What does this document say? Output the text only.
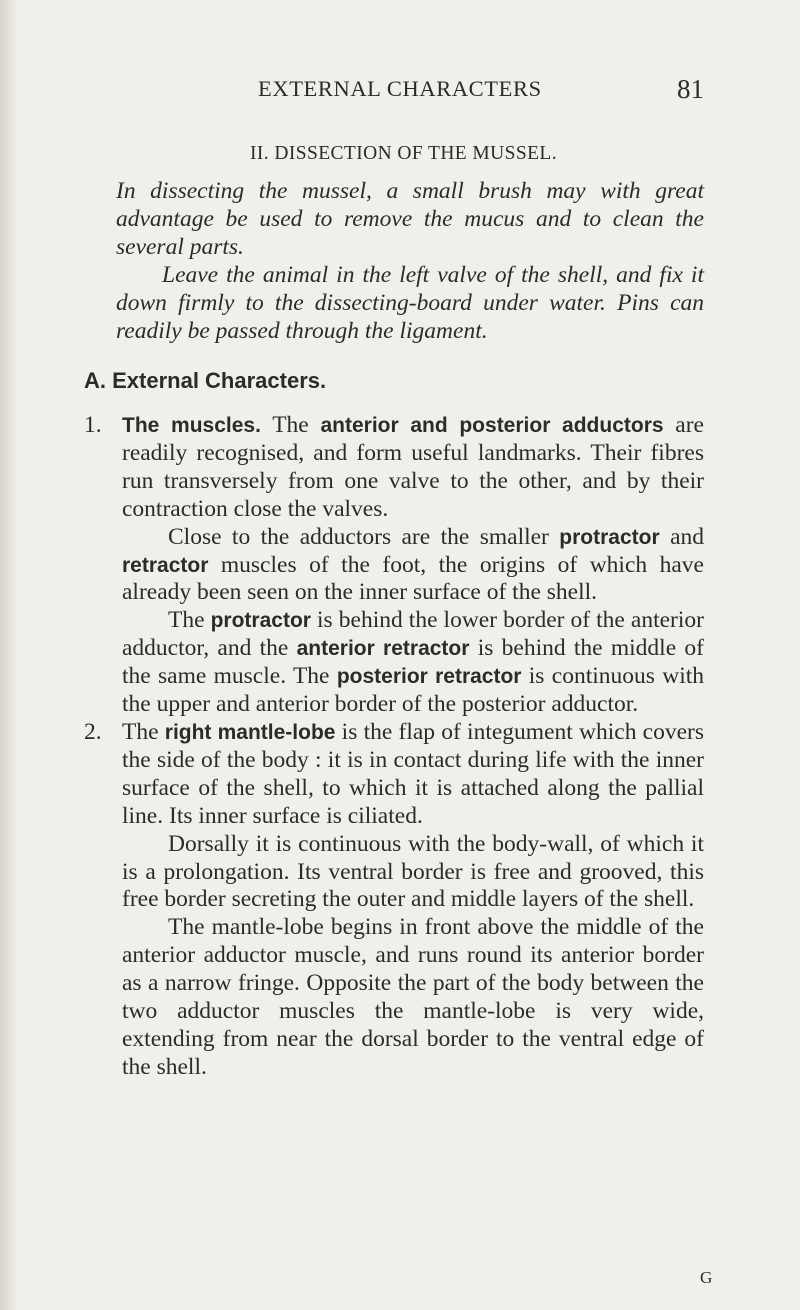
EXTERNAL CHARACTERS	81
II. DISSECTION OF THE MUSSEL.

In dissecting the mussel, a small brush may with great advantage be used to remove the mucus and to clean the several parts.

Leave the animal in the left valve of the shell, and fix it down firmly to the dissecting-board under water. Pins can readily be passed through the ligament.

A. External Characters.
1. The muscles. The anterior and posterior adductors are readily recognised, and form useful landmarks. Their fibres run transversely from one valve to the other, and by their contraction close the valves.

Close to the adductors are the smaller protractor and retractor muscles of the foot, the origins of which have already been seen on the inner surface of the shell.

The protractor is behind the lower border of the anterior adductor, and the anterior retractor is behind the middle of the same muscle. The posterior retractor is continuous with the upper and anterior border of the posterior adductor.

2. The right mantle-lobe is the flap of integument which covers the side of the body : it is in contact during life with the inner surface of the shell, to which it is attached along the pallial line. Its inner surface is ciliated.

Dorsally it is continuous with the body-wall, of which it is a prolongation. Its ventral border is free and grooved, this free border secreting the outer and middle layers of the shell.

The mantle-lobe begins in front above the middle of the anterior adductor muscle, and runs round its anterior border as a narrow fringe. Opposite the part of the body between the two adductor muscles the mantle-lobe is very wide, extending from near the dorsal border to the ventral edge of the shell.

G
